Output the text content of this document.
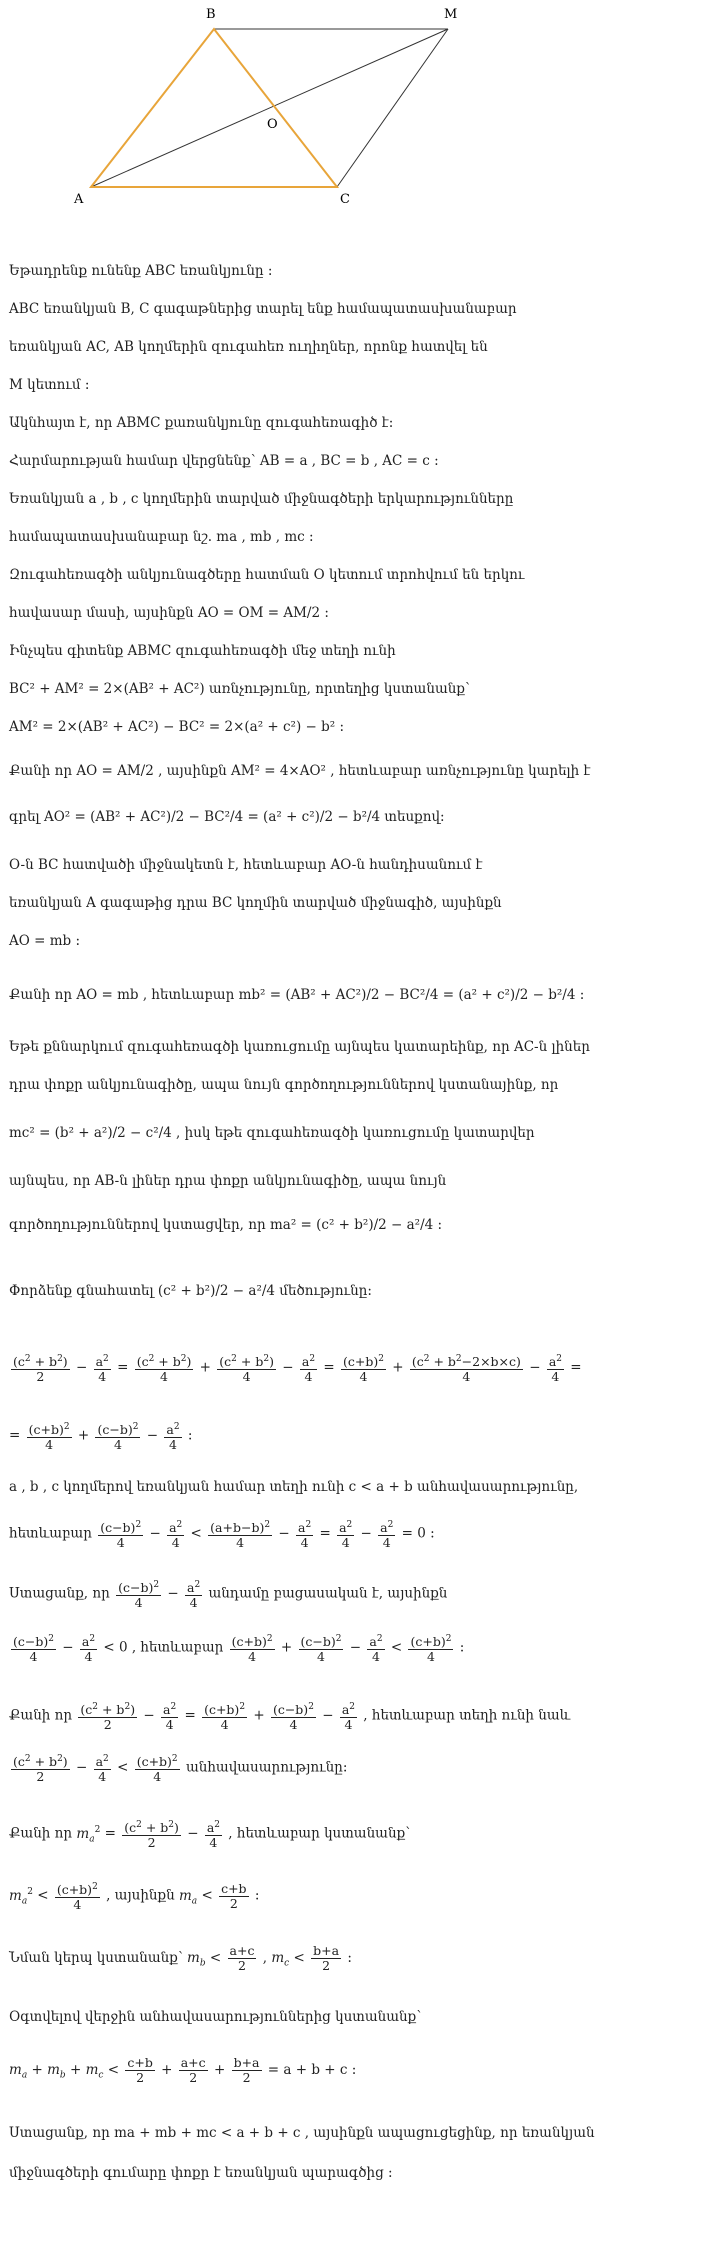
B	M
O
A	C
Եթադրենք ունենք ABC եռանկյունը :
ABC եռանկյան B, C գագաթներից տարել ենք համապատասխանաբար
եռանկյան AC, AB կողմերին զուգահեռ ուղիղներ, որոնք հատվել են
M կետում :
Ակնհայտ է, որ ABMC քառանկյունը զուգահեռագիծ է:
Հարմարության համար վերցնենք՝ AB = a , BC = b , AC = c :
Եռանկյան a , b , c կողմերին տարված միջնագծերի երկարությունները
համապատասխանաբար նշ. ma , mb , mc :
Զուգահեռագծի անկյունագծերը հատման O կետում տրոհվում են երկու
հավասար մասի, այսինքն AO = OM = AM/2 :
Ինչպես գիտենք ABMC զուգահեռագծի մեջ տեղի ունի
BC² + AM² = 2×(AB² + AC²) առնչությունը, որտեղից կստանանք՝
AM² = 2×(AB² + AC²) − BC² = 2×(a² + c²) − b² :
Քանի որ AO = AM/2 , այսինքն AM² = 4×AO² , հետևաբար առնչությունը կարելի է
գրել AO² = (AB² + AC²)/2 − BC²/4 = (a² + c²)/2 − b²/4 տեսքով:
O-ն BC հատվածի միջնակետն է, հետևաբար AO-ն հանդիսանում է
եռանկյան A գագաթից դրա BC կողմին տարված միջնագիծ, այսինքն
AO = mb :
Քանի որ AO = mb , հետևաբար mb² = (AB² + AC²)/2 − BC²/4 = (a² + c²)/2 − b²/4 :
Եթե քննարկում զուգահեռագծի կառուցումը այնպես կատարեինք, որ AC-ն լիներ
դրա փոքր անկյունագիծը, ապա նույն գործողություններով կստանայինք, որ
mc² = (b² + a²)/2 − c²/4 , իսկ եթե զուգահեռագծի կառուցումը կատարվեր
այնպես, որ AB-ն լիներ դրա փոքր անկյունագիծը, ապա նույն
գործողություններով կստացվեր, որ ma² = (c² + b²)/2 − a²/4 :
Փորձենք գնահատել (c² + b²)/2 − a²/4 մեծությունը:
$\frac{(c^2 + b^2)}{2} - \frac{a^2}{4} = \frac{(c^2 + b^2)}{4} + \frac{(c^2 + b^2)}{4} - \frac{a^2}{4} = \frac{(c+b)^2}{4} + \frac{(c^2 + b^2-2\times b\times c)}{4} - \frac{a^2}{4}$ =
= $\frac{(c+b)^2}{4} + \frac{(c-b)^2}{4} - \frac{a^2}{4}$ :
a , b , c կողմերով եռանկյան համար տեղի ունի c < a + b անհավասարությունը,
հետևաբար $\frac{(c-b)^2}{4} - \frac{a^2}{4} < \frac{(a+b-b)^2}{4} - \frac{a^2}{4} = \frac{a^2}{4} - \frac{a^2}{4} = 0$ :
Ստացանք, որ $\frac{(c-b)^2}{4} - \frac{a^2}{4}$ անդամը բացասական է, այսինքն
$\frac{(c-b)^2}{4} - \frac{a^2}{4} < 0$ , հետևաբար $\frac{(c+b)^2}{4} + \frac{(c-b)^2}{4} - \frac{a^2}{4} < \frac{(c+b)^2}{4}$ :
Քանի որ $\frac{(c^2 + b^2)}{2} - \frac{a^2}{4} = \frac{(c+b)^2}{4} + \frac{(c-b)^2}{4} - \frac{a^2}{4}$ , հետևաբար տեղի ունի նաև
$\frac{(c^2 + b^2)}{2} - \frac{a^2}{4} < \frac{(c+b)^2}{4}$ անհավասարությունը:
Քանի որ $m_a^2 = \frac{(c^2 + b^2)}{2} - \frac{a^2}{4}$ , հետևաբար կստանանք՝
$m_a^2 < \frac{(c+b)^2}{4}$ , այսինքն $m_a < \frac{c+b}{2}$ :
Նման կերպ կստանանք՝ $m_b < \frac{a+c}{2}$ , $m_c < \frac{b+a}{2}$ :
Օգտվելով վերջին անհավասարություններից կստանանք՝
$m_a + m_b + m_c < \frac{c+b}{2} + \frac{a+c}{2} + \frac{b+a}{2} = a + b + c$ :
Ստացանք, որ ma + mb + mc < a + b + c , այսինքն ապացուցեցինք, որ եռանկյան
միջնագծերի գումարը փոքր է եռանկյան պարագծից :
